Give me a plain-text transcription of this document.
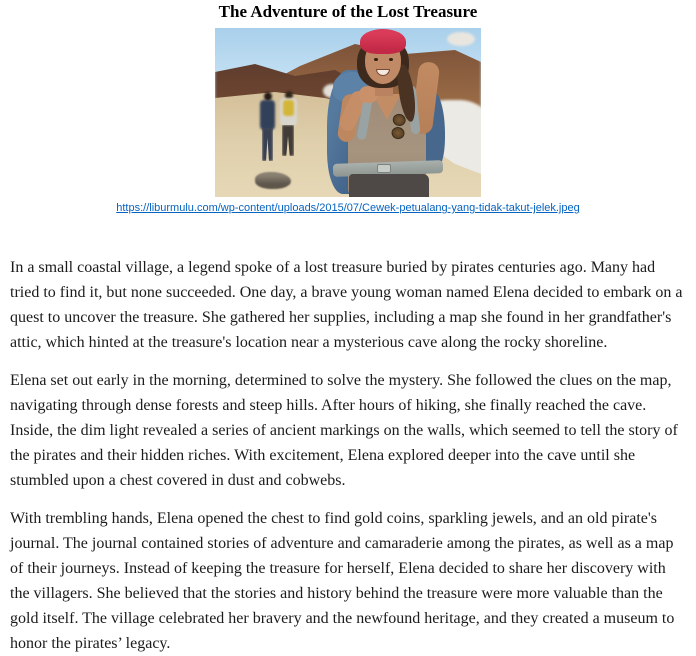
The Adventure of the Lost Treasure
https://liburmulu.com/wp-content/uploads/2015/07/Cewek-petualang-yang-tidak-takut-jelek.jpeg

In a small coastal village, a legend spoke of a lost treasure buried by pirates centuries ago. Many had tried to find it, but none succeeded. One day, a brave young woman named Elena decided to embark on a quest to uncover the treasure. She gathered her supplies, including a map she found in her grandfather's attic, which hinted at the treasure's location near a mysterious cave along the rocky shoreline.

Elena set out early in the morning, determined to solve the mystery. She followed the clues on the map, navigating through dense forests and steep hills. After hours of hiking, she finally reached the cave. Inside, the dim light revealed a series of ancient markings on the walls, which seemed to tell the story of the pirates and their hidden riches. With excitement, Elena explored deeper into the cave until she stumbled upon a chest covered in dust and cobwebs.

With trembling hands, Elena opened the chest to find gold coins, sparkling jewels, and an old pirate's journal. The journal contained stories of adventure and camaraderie among the pirates, as well as a map of their journeys. Instead of keeping the treasure for herself, Elena decided to share her discovery with the villagers. She believed that the stories and history behind the treasure were more valuable than the gold itself. The village celebrated her bravery and the newfound heritage, and they created a museum to honor the pirates’ legacy.
